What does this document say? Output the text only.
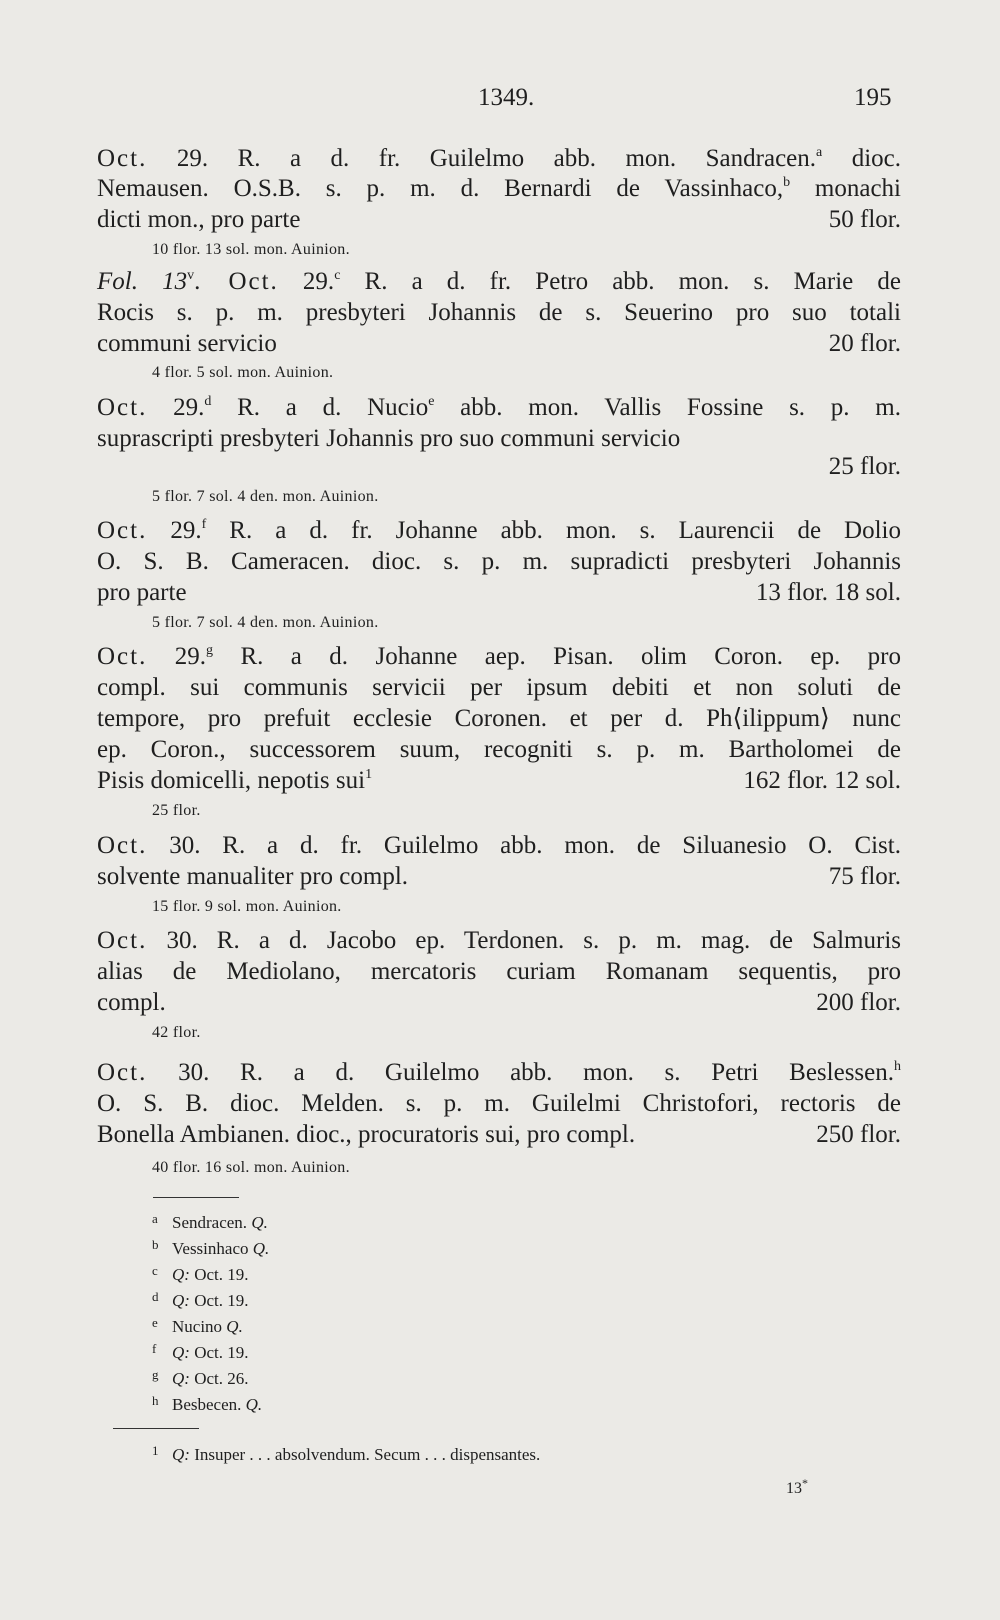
1349.	195
Oct. 29. R. a d. fr. Guilelmo abb. mon. Sandracen.$^a$ dioc.
Nemausen. O.S.B. s. p. m. d. Bernardi de Vassinhaco,$^b$ monachi
dicti mon., pro parte	50 flor.
10 flor. 13 sol. mon. Auinion.
Fol. 13$^v$. Oct. 29.$^c$ R. a d. fr. Petro abb. mon. s. Marie de
Rocis s. p. m. presbyteri Johannis de s. Seuerino pro suo totali
communi servicio	20 flor.
4 flor. 5 sol. mon. Auinion.
Oct. 29.$^d$ R. a d. Nucio$^e$ abb. mon. Vallis Fossine s. p. m.
suprascripti presbyteri Johannis pro suo communi servicio
25 flor.
5 flor. 7 sol. 4 den. mon. Auinion.
Oct. 29.$^f$ R. a d. fr. Johanne abb. mon. s. Laurencii de Dolio
O. S. B. Cameracen. dioc. s. p. m. supradicti presbyteri Johannis
pro parte	13 flor. 18 sol.
5 flor. 7 sol. 4 den. mon. Auinion.
Oct. 29.$^g$ R. a d. Johanne aep. Pisan. olim Coron. ep. pro
compl. sui communis servicii per ipsum debiti et non soluti de
tempore, pro prefuit ecclesie Coronen. et per d. Ph⟨ilippum⟩ nunc
ep. Coron., successorem suum, recogniti s. p. m. Bartholomei de
Pisis domicelli, nepotis sui$^1$	162 flor. 12 sol.
25 flor.
Oct. 30. R. a d. fr. Guilelmo abb. mon. de Siluanesio O. Cist.
solvente manualiter pro compl.	75 flor.
15 flor. 9 sol. mon. Auinion.
Oct. 30. R. a d. Jacobo ep. Terdonen. s. p. m. mag. de Salmuris
alias de Mediolano, mercatoris curiam Romanam sequentis, pro
compl.	200 flor.
42 flor.
Oct. 30. R. a d. Guilelmo abb. mon. s. Petri Beslessen.$^h$
O. S. B. dioc. Melden. s. p. m. Guilelmi Christofori, rectoris de
Bonella Ambianen. dioc., procuratoris sui, pro compl.	250 flor.
40 flor. 16 sol. mon. Auinion.
a Sendracen. Q.
b Vessinhaco Q.
c Q: Oct. 19.
d Q: Oct. 19.
e Nucino Q.
f Q: Oct. 19.
g Q: Oct. 26.
h Besbecen. Q.
1 Q: Insuper . . . absolvendum. Secum . . . dispensantes.
13*
